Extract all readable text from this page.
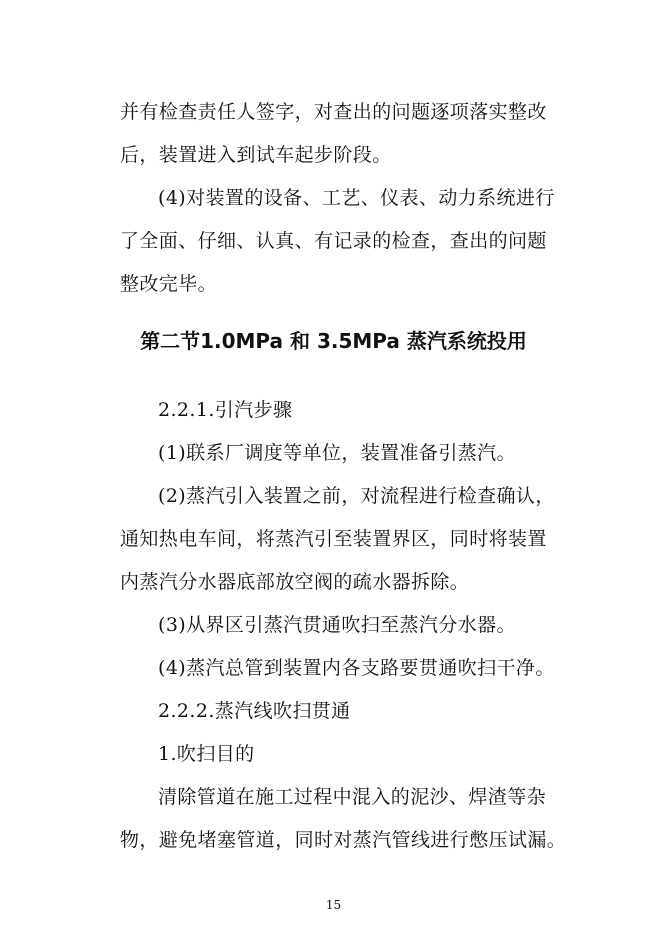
并有检查责任人签字，对查出的问题逐项落实整改
后，装置进入到试车起步阶段。
(4)对装置的设备、工艺、仪表、动力系统进行
了全面、仔细、认真、有记录的检查，查出的问题
整改完毕。
第二节1.0MPa 和 3.5MPa 蒸汽系统投用
2.2.1.引汽步骤
(1)联系厂调度等单位，装置准备引蒸汽。
(2)蒸汽引入装置之前，对流程进行检查确认，
通知热电车间，将蒸汽引至装置界区，同时将装置
内蒸汽分水器底部放空阀的疏水器拆除。
(3)从界区引蒸汽贯通吹扫至蒸汽分水器。
(4)蒸汽总管到装置内各支路要贯通吹扫干净。
2.2.2.蒸汽线吹扫贯通
1.吹扫目的
清除管道在施工过程中混入的泥沙、焊渣等杂
物，避免堵塞管道，同时对蒸汽管线进行憋压试漏。
15
